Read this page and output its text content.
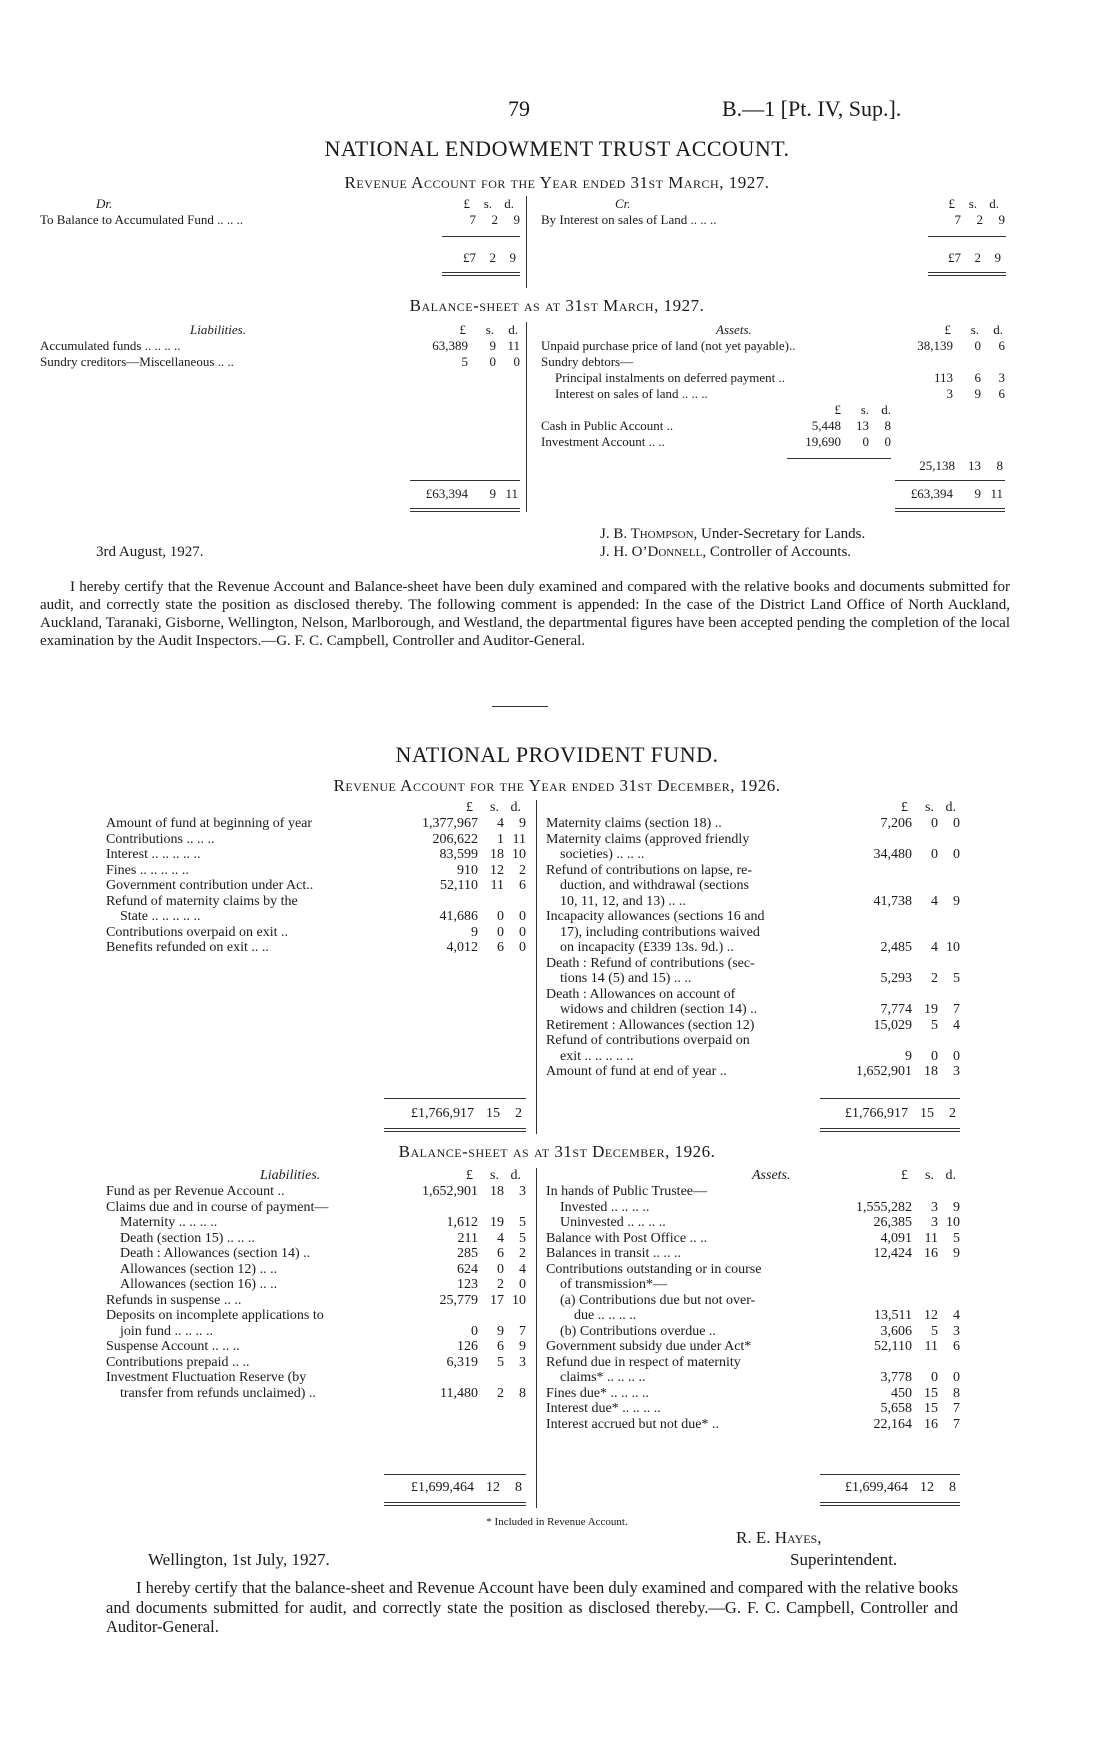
79	B.—1 [Pt. IV, Sup.].
NATIONAL ENDOWMENT TRUST ACCOUNT.
Revenue Account for the Year ended 31st March, 1927.
Dr.	Cr.
£	s. d.	£	s. d.
To Balance to Accumulated Fund .. .. ..	7	2	9 By Interest on sales of Land .. .. ..	7	2	9
£7	2	9	£7	2	9
Balance-sheet as at 31st March, 1927.
Liabilities.	Assets.
£	s.	d.	£	s.	d.
Accumulated funds .. .. .. ..	63,389	9 11
Sundry creditors—Miscellaneous .. ..	5	0	0
Unpaid purchase price of land (not yet payable)..	38,139	0	6
Sundry debtors—
Principal instalments on deferred payment ..	113	6	3
Interest on sales of land .. .. ..	3	9	6
£	s. d.
Cash in Public Account ..	5,448	13	8
Investment Account .. ..	19,690	0	0
25,138	13	8
£63,394	9 11	£63,394	9 11
J. B. Thompson, Under-Secretary for Lands.
3rd August, 1927.	J. H. O’Donnell, Controller of Accounts.
I hereby certify that the Revenue Account and Balance-sheet have been duly examined and compared with the relative books and documents submitted for audit, and correctly state the position as disclosed thereby. The following comment is appended: In the case of the District Land Office of North Auckland, Auckland, Taranaki, Gisborne, Wellington, Nelson, Marlborough, and Westland, the departmental figures have been accepted pending the completion of the local examination by the Audit Inspectors.—G. F. C. Campbell, Controller and Auditor-General.
NATIONAL PROVIDENT FUND.
Revenue Account for the Year ended 31st December, 1926.
£	s. d.	£	s. d.
Amount of fund at beginning of year	1,377,967	4	9
Contributions .. .. ..	206,622	1 11
Interest .. .. .. .. ..	83,599 18 10
Fines .. .. .. .. ..	910 12	2
Government contribution under Act..	52,110 11	6
Refund of maternity claims by the
State .. .. .. .. ..	41,686	0	0
Contributions overpaid on exit ..	9	0	0
Benefits refunded on exit .. ..	4,012	6	0
Maternity claims (section 18) ..	7,206	0	0
Maternity claims (approved friendly
societies) .. .. ..	34,480	0	0
Refund of contributions on lapse, re-
duction, and withdrawal (sections
10, 11, 12, and 13) .. ..	41,738	4	9
Incapacity allowances (sections 16 and
17), including contributions waived
on incapacity (£339 13s. 9d.) ..	2,485	4 10
Death : Refund of contributions (sec-
tions 14 (5) and 15) .. ..	5,293	2	5
Death : Allowances on account of
widows and children (section 14) ..	7,774 19	7
Retirement : Allowances (section 12)	15,029	5	4
Refund of contributions overpaid on
exit .. .. .. .. ..	9	0	0
Amount of fund at end of year ..	1,652,901 18	3
£1,766,917 15	2	£1,766,917 15	2
Balance-sheet as at 31st December, 1926.
Liabilities.	Assets.
£	s. d.	£	s. d.
Fund as per Revenue Account ..	1,652,901 18	3
Claims due and in course of payment—
Maternity .. .. .. ..	1,612 19	5
Death (section 15) .. .. ..	211	4	5
Death : Allowances (section 14) ..	285	6	2
Allowances (section 12) .. ..	624	0	4
Allowances (section 16) .. ..	123	2	0
Refunds in suspense .. ..	25,779 17 10
Deposits on incomplete applications to
join fund .. .. .. ..	0	9	7
Suspense Account .. .. ..	126	6	9
Contributions prepaid .. ..	6,319	5	3
Investment Fluctuation Reserve (by
transfer from refunds unclaimed) ..	11,480	2	8
In hands of Public Trustee—
Invested .. .. .. ..	1,555,282	3	9
Uninvested .. .. .. ..	26,385	3 10
Balance with Post Office .. ..	4,091 11	5
Balances in transit .. .. ..	12,424 16	9
Contributions outstanding or in course
of transmission*—
(a) Contributions due but not over-
due .. .. .. ..	13,511 12	4
(b) Contributions overdue ..	3,606	5	3
Government subsidy due under Act*	52,110 11	6
Refund due in respect of maternity
claims* .. .. .. ..	3,778	0	0
Fines due* .. .. .. ..	450 15	8
Interest due* .. .. .. ..	5,658 15	7
Interest accrued but not due* ..	22,164 16	7
£1,699,464 12	8	£1,699,464 12	8
* Included in Revenue Account.
R. E. Hayes,
Wellington, 1st July, 1927.	Superintendent.
I hereby certify that the balance-sheet and Revenue Account have been duly examined and compared with the relative books and documents submitted for audit, and correctly state the position as disclosed thereby.—G. F. C. Campbell, Controller and Auditor-General.
